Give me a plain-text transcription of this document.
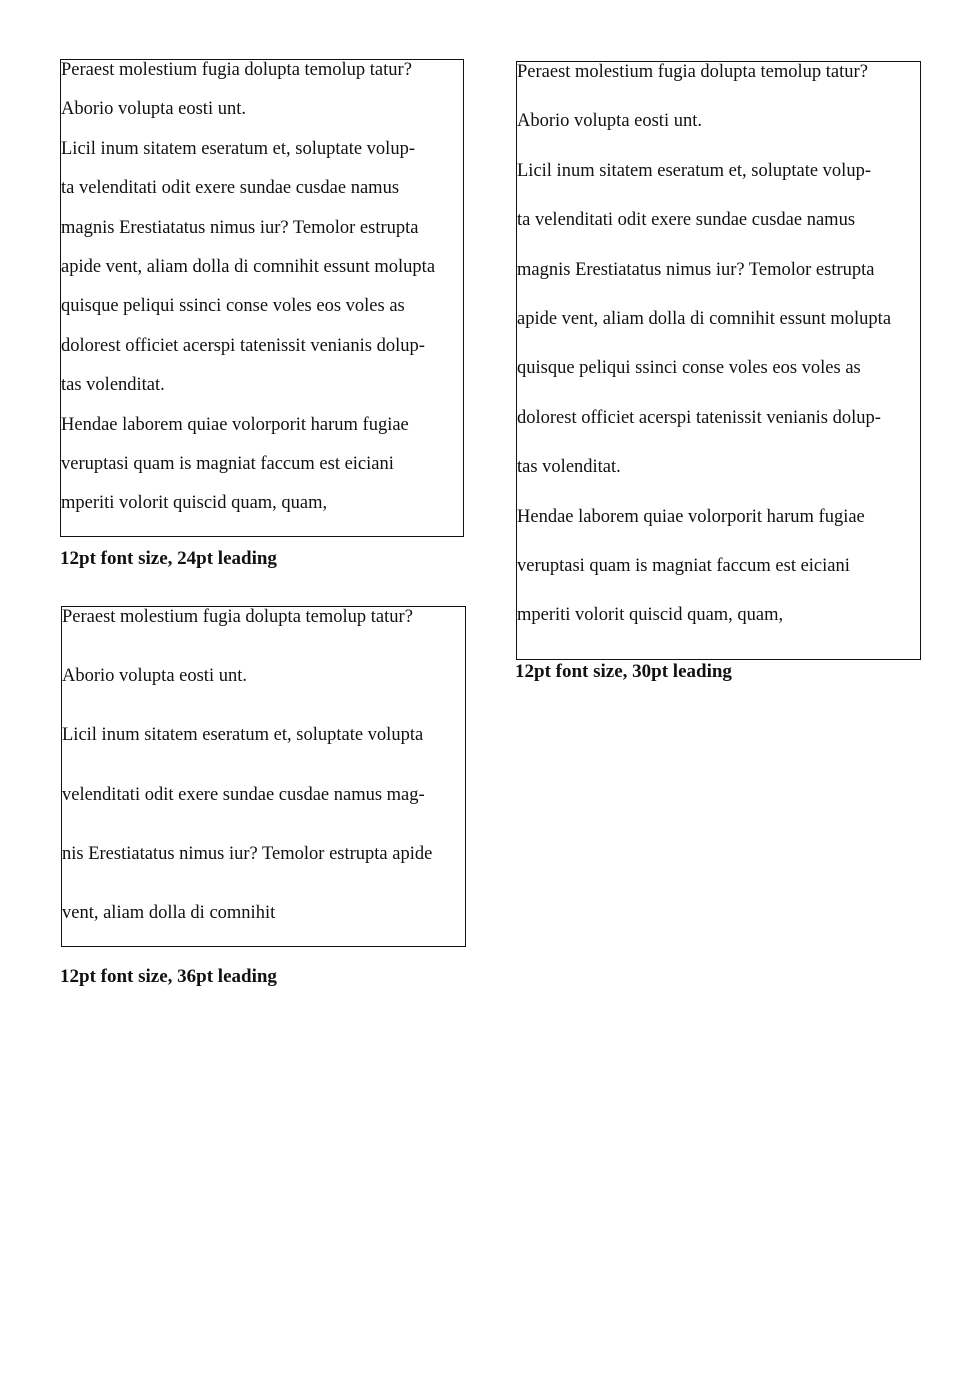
Peraest molestium fugia dolupta temolup tatur?
Aborio volupta eosti unt.
Licil inum sitatem eseratum et, soluptate volup-
ta velenditati odit exere sundae cusdae namus
magnis Erestiatatus nimus iur? Temolor estrupta
apide vent, aliam dolla di comnihit essunt molupta
quisque peliqui ssinci conse voles eos voles as
dolorest officiet acerspi tatenissit venianis dolup-
tas volenditat.
Hendae laborem quiae volorporit harum fugiae
veruptasi quam is magniat faccum est eiciani
mperiti volorit quiscid quam, quam,
12pt font size, 24pt leading
Peraest molestium fugia dolupta temolup tatur?
Aborio volupta eosti unt.
Licil inum sitatem eseratum et, soluptate volup-
ta velenditati odit exere sundae cusdae namus
magnis Erestiatatus nimus iur? Temolor estrupta
apide vent, aliam dolla di comnihit essunt molupta
quisque peliqui ssinci conse voles eos voles as
dolorest officiet acerspi tatenissit venianis dolup-
tas volenditat.
Hendae laborem quiae volorporit harum fugiae
veruptasi quam is magniat faccum est eiciani
mperiti volorit quiscid quam, quam,
12pt font size, 30pt leading
Peraest molestium fugia dolupta temolup tatur?
Aborio volupta eosti unt.
Licil inum sitatem eseratum et, soluptate volupta
velenditati odit exere sundae cusdae namus mag-
nis Erestiatatus nimus iur? Temolor estrupta apide
vent, aliam dolla di comnihit
12pt font size, 36pt leading
